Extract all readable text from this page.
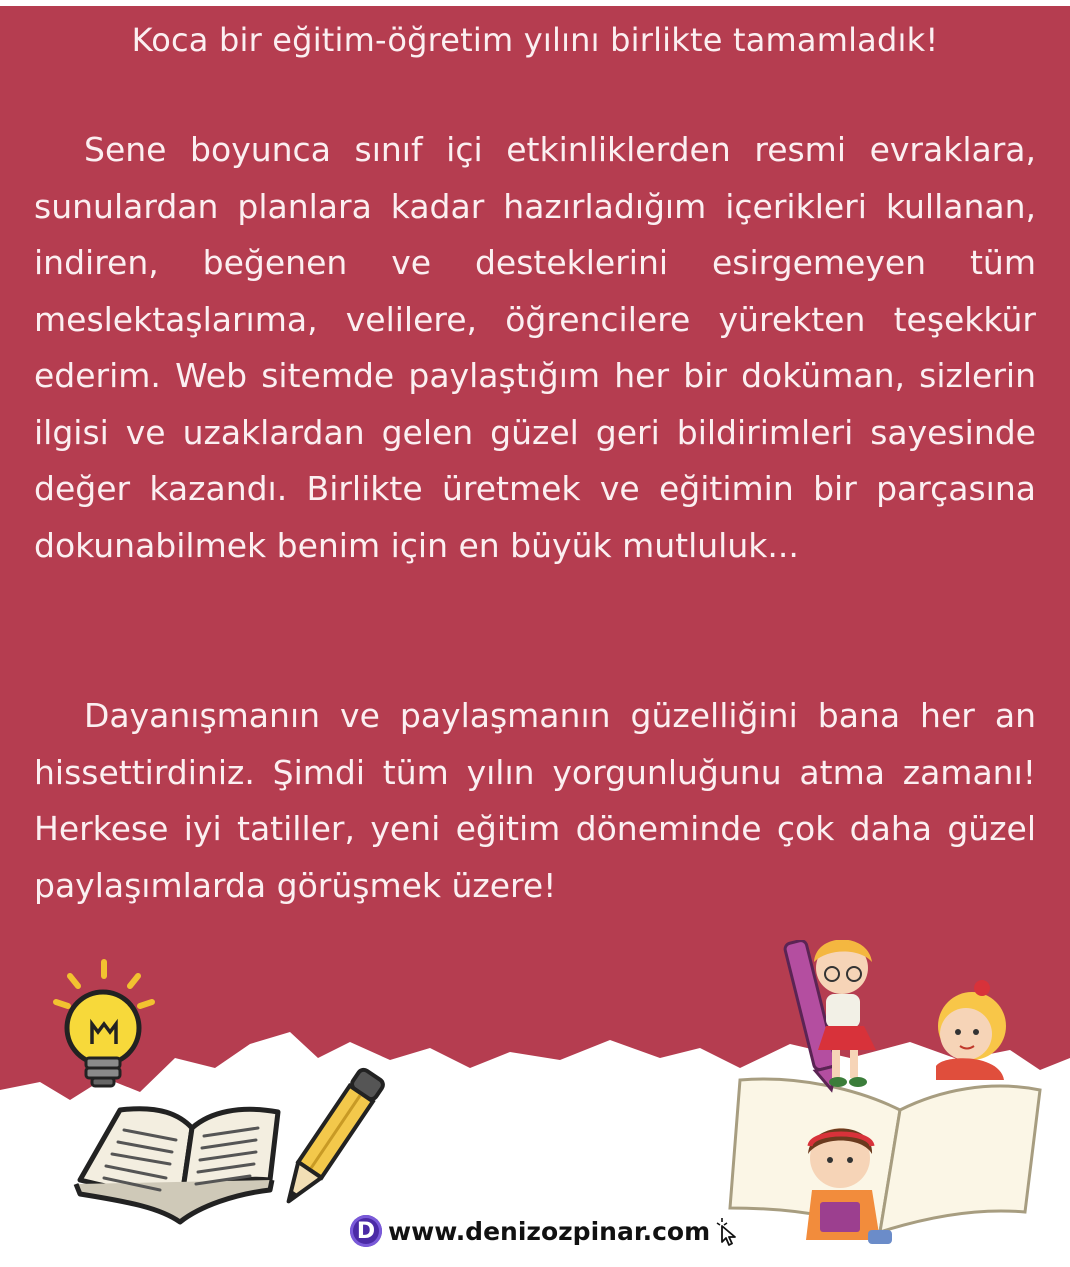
Koca bir eğitim-öğretim yılını birlikte tamamladık!

Sene boyunca sınıf içi etkinliklerden resmi evraklara, sunulardan planlara kadar hazırladığım içerikleri kullanan, indiren, beğenen ve desteklerini esirgemeyen tüm meslektaşlarıma, velilere, öğrencilere yürekten teşekkür ederim. Web sitemde paylaştığım her bir doküman, sizlerin ilgisi ve uzaklardan gelen güzel geri bildirimleri sayesinde değer kazandı. Birlikte üretmek ve eğitimin bir parçasına dokunabilmek benim için en büyük mutluluk...

Dayanışmanın ve paylaşmanın güzelliğini bana her an hissettirdiniz. Şimdi tüm yılın yorgunluğunu atma zamanı! Herkese iyi tatiller, yeni eğitim döneminde çok daha güzel paylaşımlarda görüşmek üzere!

D www.denizozpinar.com
